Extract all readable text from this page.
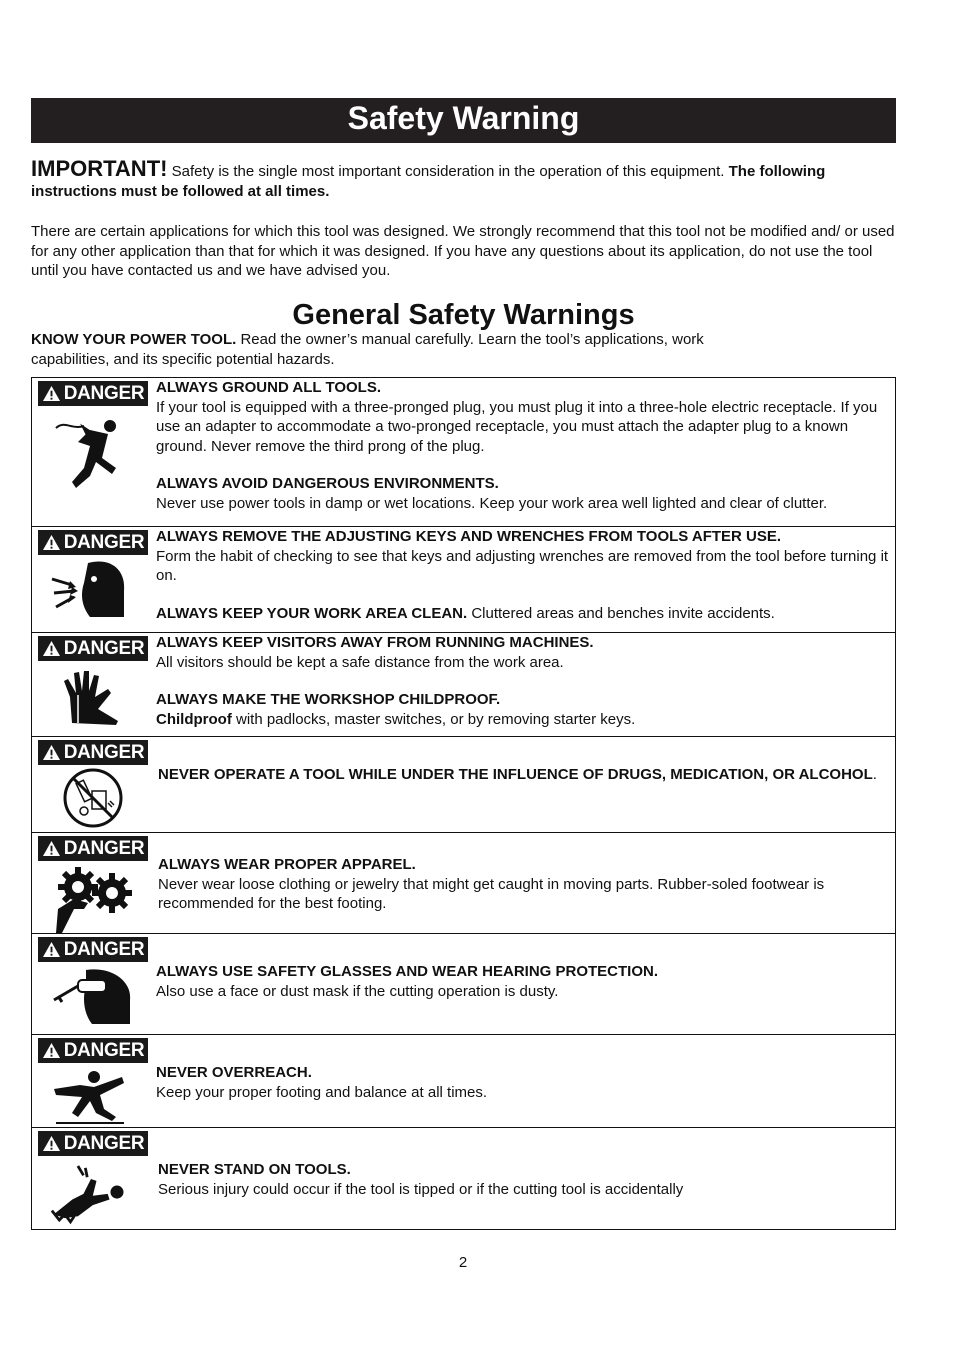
Safety Warning
IMPORTANT! Safety is the single most important consideration in the operation of this equipment. The following instructions must be followed at all times.
There are certain applications for which this tool was designed. We strongly recommend that this tool not be modified and/ or used for any other application than that for which it was designed. If you have any questions about its application, do not use the tool until you have contacted us and we have advised you.
General Safety Warnings
KNOW YOUR POWER TOOL. Read the owner’s manual carefully. Learn the tool’s applications, work capabilities, and its specific potential hazards.
DANGER ALWAYS GROUND ALL TOOLS.
If your tool is equipped with a three-pronged plug, you must plug it into a three-hole electric receptacle. If you use an adapter to accommodate a two-pronged receptacle, you must attach the adapter plug to a known ground. Never remove the third prong of the plug.
ALWAYS AVOID DANGEROUS ENVIRONMENTS.
Never use power tools in damp or wet locations. Keep your work area well lighted and clear of clutter.
DANGER ALWAYS REMOVE THE ADJUSTING KEYS AND WRENCHES FROM TOOLS AFTER USE.
Form the habit of checking to see that keys and adjusting wrenches are removed from the tool before turning it on.
ALWAYS KEEP YOUR WORK AREA CLEAN. Cluttered areas and benches invite accidents.
DANGER ALWAYS KEEP VISITORS AWAY FROM RUNNING MACHINES.
All visitors should be kept a safe distance from the work area.
ALWAYS MAKE THE WORKSHOP CHILDPROOF.
Childproof with padlocks, master switches, or by removing starter keys.
DANGER
NEVER OPERATE A TOOL WHILE UNDER THE INFLUENCE OF DRUGS, MEDICATION, OR ALCOHOL.
DANGER
ALWAYS WEAR PROPER APPAREL.
Never wear loose clothing or jewelry that might get caught in moving parts. Rubber-soled footwear is recommended for the best footing.
DANGER
ALWAYS USE SAFETY GLASSES AND WEAR HEARING PROTECTION.
Also use a face or dust mask if the cutting operation is dusty.
DANGER
NEVER OVERREACH.
Keep your proper footing and balance at all times.
DANGER
NEVER STAND ON TOOLS.
Serious injury could occur if the tool is tipped or if the cutting tool is accidentally
2
